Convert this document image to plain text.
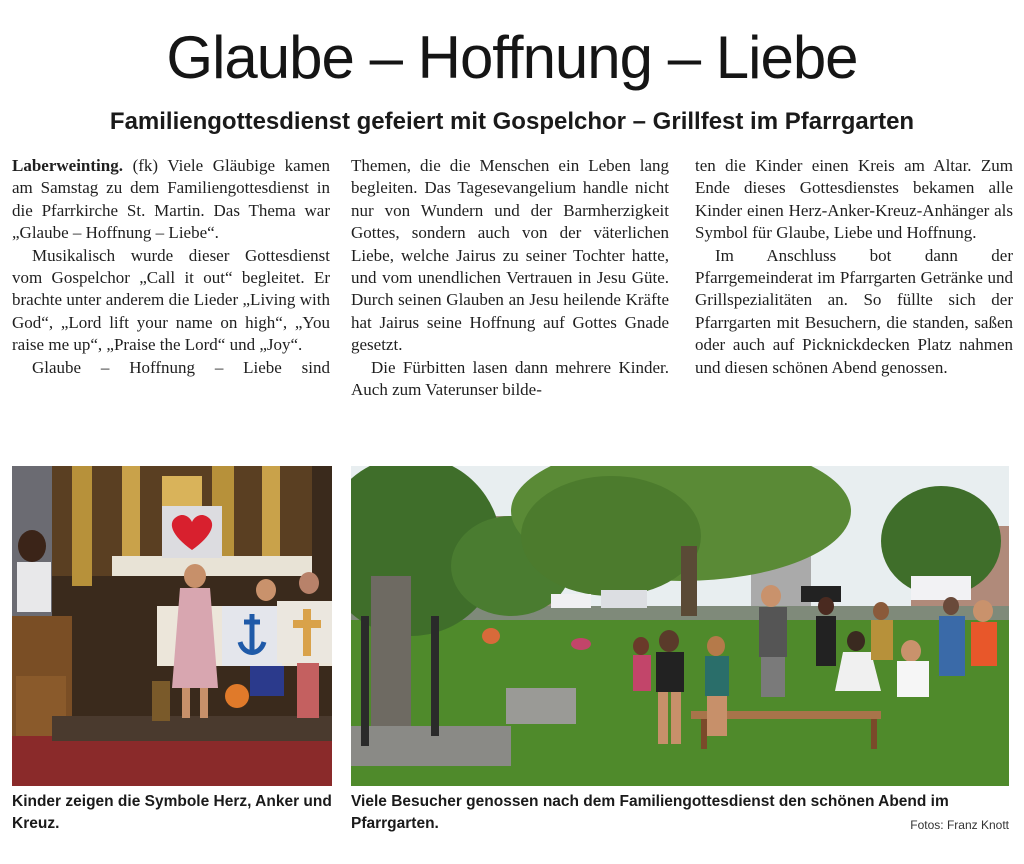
Glaube – Hoffnung – Liebe
Familiengottesdienst gefeiert mit Gospelchor – Grillfest im Pfarrgarten

Laberweinting. (fk) Viele Gläubige kamen am Samstag zu dem Familiengottesdienst in die Pfarrkirche St. Martin. Das Thema war „Glaube – Hoffnung – Liebe“.

Musikalisch wurde dieser Gottesdienst vom Gospelchor „Call it out“ begleitet. Er brachte unter anderem die Lieder „Living with God“, „Lord lift your name on high“, „You raise me up“, „Praise the Lord“ und „Joy“.

Glaube – Hoffnung – Liebe sind

Themen, die die Menschen ein Leben lang begleiten. Das Tagesevangelium handle nicht nur von Wundern und der Barmherzigkeit Gottes, sondern auch von der väterlichen Liebe, welche Jairus zu seiner Tochter hatte, und vom unendlichen Vertrauen in Jesu Güte. Durch seinen Glauben an Jesu heilende Kräfte hat Jairus seine Hoffnung auf Gottes Gnade gesetzt.

Die Fürbitten lasen dann mehrere Kinder. Auch zum Vaterunser bilde-

ten die Kinder einen Kreis am Altar. Zum Ende dieses Gottesdienstes bekamen alle Kinder einen Herz-Anker-Kreuz-Anhänger als Symbol für Glaube, Liebe und Hoffnung.

Im Anschluss bot dann der Pfarrgemeinderat im Pfarrgarten Getränke und Grillspezialitäten an. So füllte sich der Pfarrgarten mit Besuchern, die standen, saßen oder auch auf Picknickdecken Platz nahmen und diesen schönen Abend genossen.

Kinder zeigen die Symbole Herz, Anker und Kreuz.
Viele Besucher genossen nach dem Familiengottesdienst den schönen Abend im Pfarrgarten.	Fotos: Franz Knott
